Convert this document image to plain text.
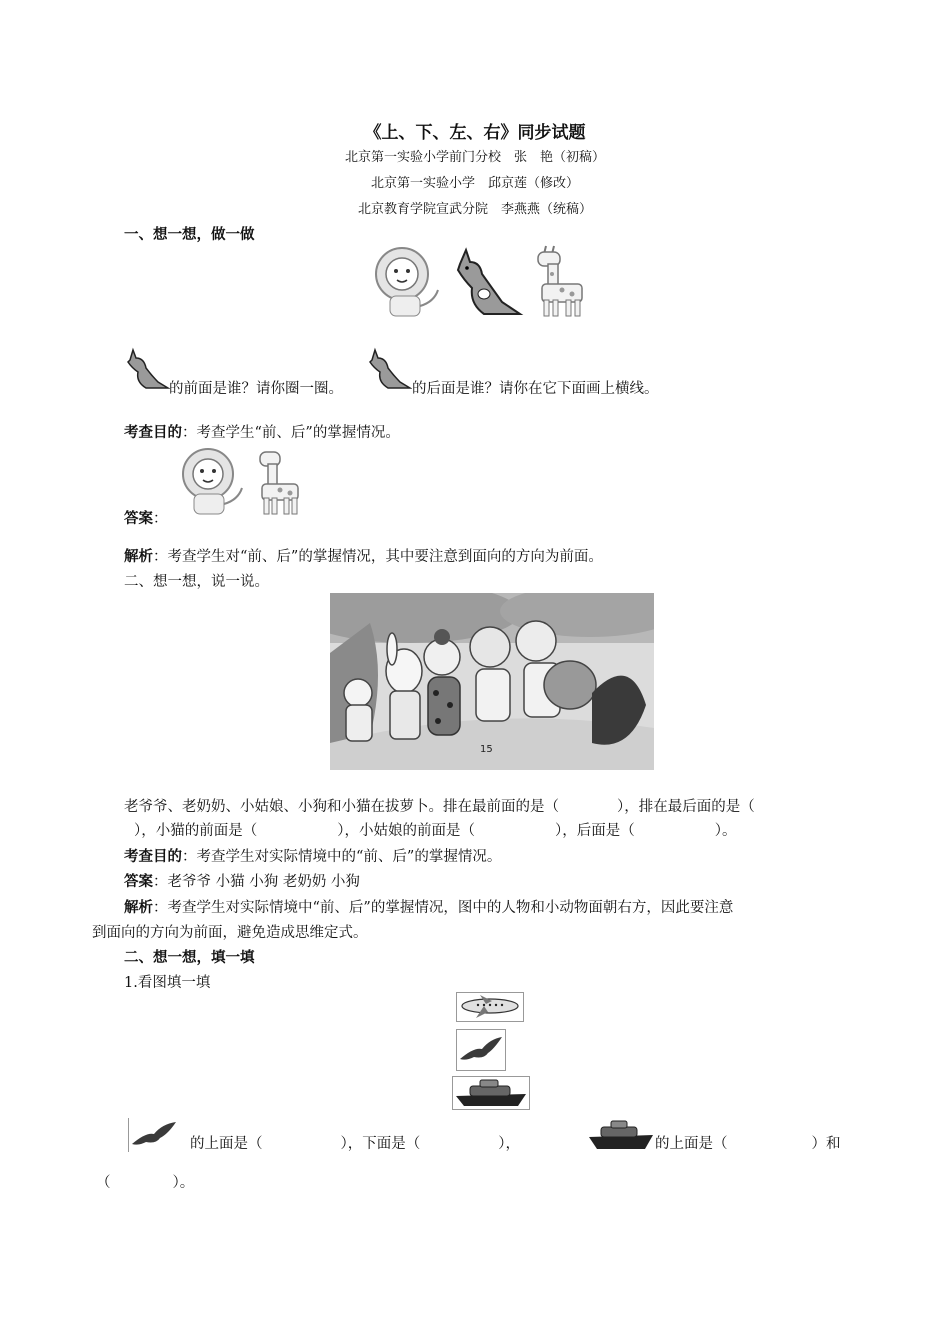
《上、下、左、右》同步试题
北京第一实验小学前门分校　张　艳（初稿）
北京第一实验小学　邱京莲（修改）
北京教育学院宣武分院　李燕燕（统稿）
一、想一想，做一做
的前面是谁？请你圈一圈。	的后面是谁？请你在它下面画上横线。
考查目的：考查学生“前、后”的掌握情况。
答案：
解析：考查学生对“前、后”的掌握情况，其中要注意到面向的方向为前面。
二、想一想，说一说。
15
老爷爷、老奶奶、小姑娘、小狗和小猫在拔萝卜。排在最前面的是（　　　　），排在最后面的是（
），小猫的前面是（	），小姑娘的前面是（	），后面是（	）。
考查目的：考查学生对实际情境中的“前、后”的掌握情况。
答案：老爷爷 小猫 小狗 老奶奶 小狗
解析：考查学生对实际情境中“前、后”的掌握情况，图中的人物和小动物面朝右方，因此要注意
到面向的方向为前面，避免造成思维定式。
二、想一想，填一填
1.看图填一填
的上面是（	），下面是（	），	的上面是（	）和
（	）。
